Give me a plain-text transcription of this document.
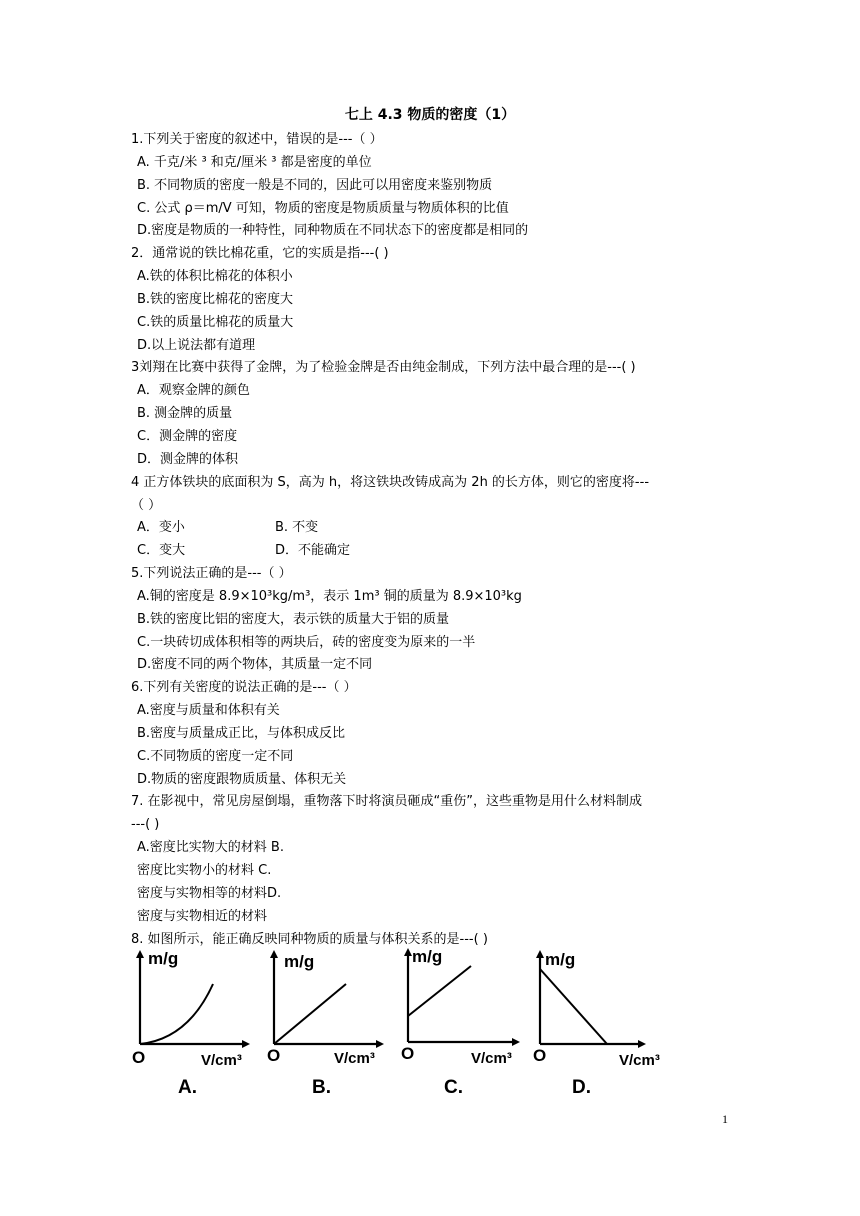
七上 4.3 物质的密度（1）
1.下列关于密度的叙述中，错误的是---（ ）
A. 千克/米 ³ 和克/厘米 ³ 都是密度的单位
B. 不同物质的密度一般是不同的，因此可以用密度来鉴别物质
C. 公式 ρ＝m/V 可知，物质的密度是物质质量与物质体积的比值
D.密度是物质的一种特性，同种物质在不同状态下的密度都是相同的
2．通常说的铁比棉花重，它的实质是指---( )
A.铁的体积比棉花的体积小
B.铁的密度比棉花的密度大
C.铁的质量比棉花的质量大
D.以上说法都有道理
3刘翔在比赛中获得了金牌，为了检验金牌是否由纯金制成，下列方法中最合理的是---( )
A．观察金牌的颜色
B. 测金牌的质量
C．测金牌的密度
D．测金牌的体积
4 正方体铁块的底面积为 S，高为 h，将这铁块改铸成高为 2h 的长方体，则它的密度将---
（ ）
A．变小	B. 不变
C．变大	D．不能确定
5.下列说法正确的是---（ ）
A.铜的密度是 8.9×10³kg/m³，表示 1m³ 铜的质量为 8.9×10³kg
B.铁的密度比铝的密度大，表示铁的质量大于铝的质量
C.一块砖切成体积相等的两块后，砖的密度变为原来的一半
D.密度不同的两个物体，其质量一定不同
6.下列有关密度的说法正确的是---（ ）
A.密度与质量和体积有关
B.密度与质量成正比，与体积成反比
C.不同物质的密度一定不同
D.物质的密度跟物质质量、体积无关
7. 在影视中，常见房屋倒塌，重物落下时将演员砸成“重伤”，这些重物是用什么材料制成
---( )
A.密度比实物大的材料 B.
密度比实物小的材料 C.
密度与实物相等的材料D.
密度与实物相近的材料
8. 如图所示，能正确反映同种物质的质量与体积关系的是---( )
m/g
O	V/cm³
A.
m/g
O	V/cm³
B.
m/g
O	V/cm³
C.
m/g
O	V/cm³
D.
1
